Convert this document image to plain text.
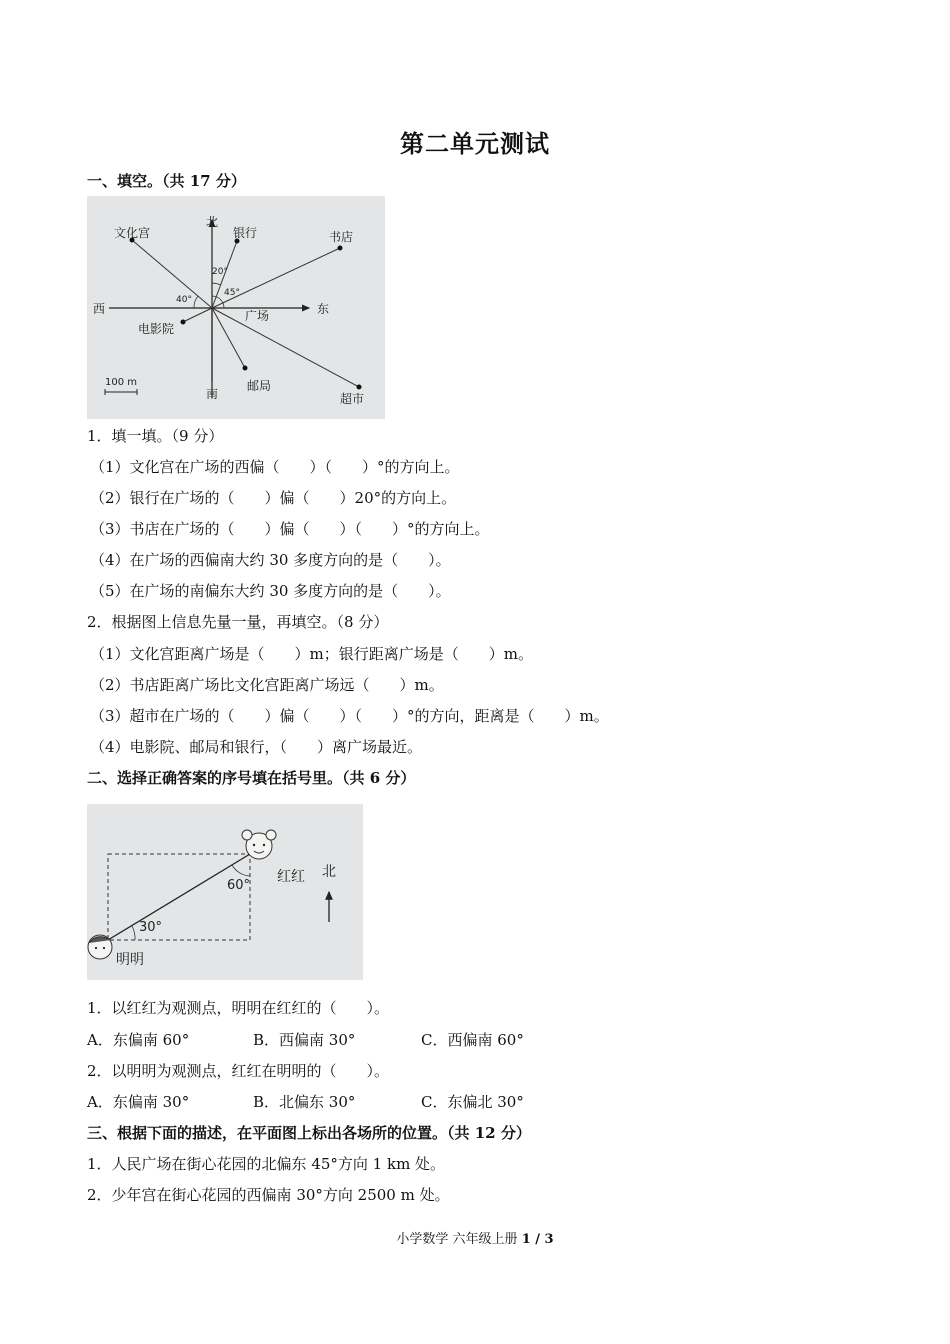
第二单元测试
一、填空。（共 17 分）
北
南
东
西
文化宫	银行	书店
电影院
广场
邮局
超市
20°
45°
40°
100 m
1．填一填。（9 分）
（1）文化宫在广场的西偏（　　）（　　）°的方向上。
（2）银行在广场的（　　）偏（　　）20°的方向上。
（3）书店在广场的（　　）偏（　　）（　　）°的方向上。
（4）在广场的西偏南大约 30 多度方向的是（　　）。
（5）在广场的南偏东大约 30 多度方向的是（　　）。
2．根据图上信息先量一量，再填空。（8 分）
（1）文化宫距离广场是（　　）m；银行距离广场是（　　）m。
（2）书店距离广场比文化宫距离广场远（　　）m。
（3）超市在广场的（　　）偏（　　）（　　）°的方向，距离是（　　）m。
（4）电影院、邮局和银行，（　　）离广场最近。
二、选择正确答案的序号填在括号里。（共 6 分）
60°
30°
红红
明明
北
1．以红红为观测点，明明在红红的（　　）。
A．东偏南 60°	B．西偏南 30°	C．西偏南 60°
2．以明明为观测点，红红在明明的（　　）。
A．东偏南 30°	B．北偏东 30°	C．东偏北 30°
三、根据下面的描述，在平面图上标出各场所的位置。（共 12 分）
1．人民广场在街心花园的北偏东 45°方向 1 km 处。
2．少年宫在街心花园的西偏南 30°方向 2500 m 处。
小学数学 六年级上册 1 / 3
